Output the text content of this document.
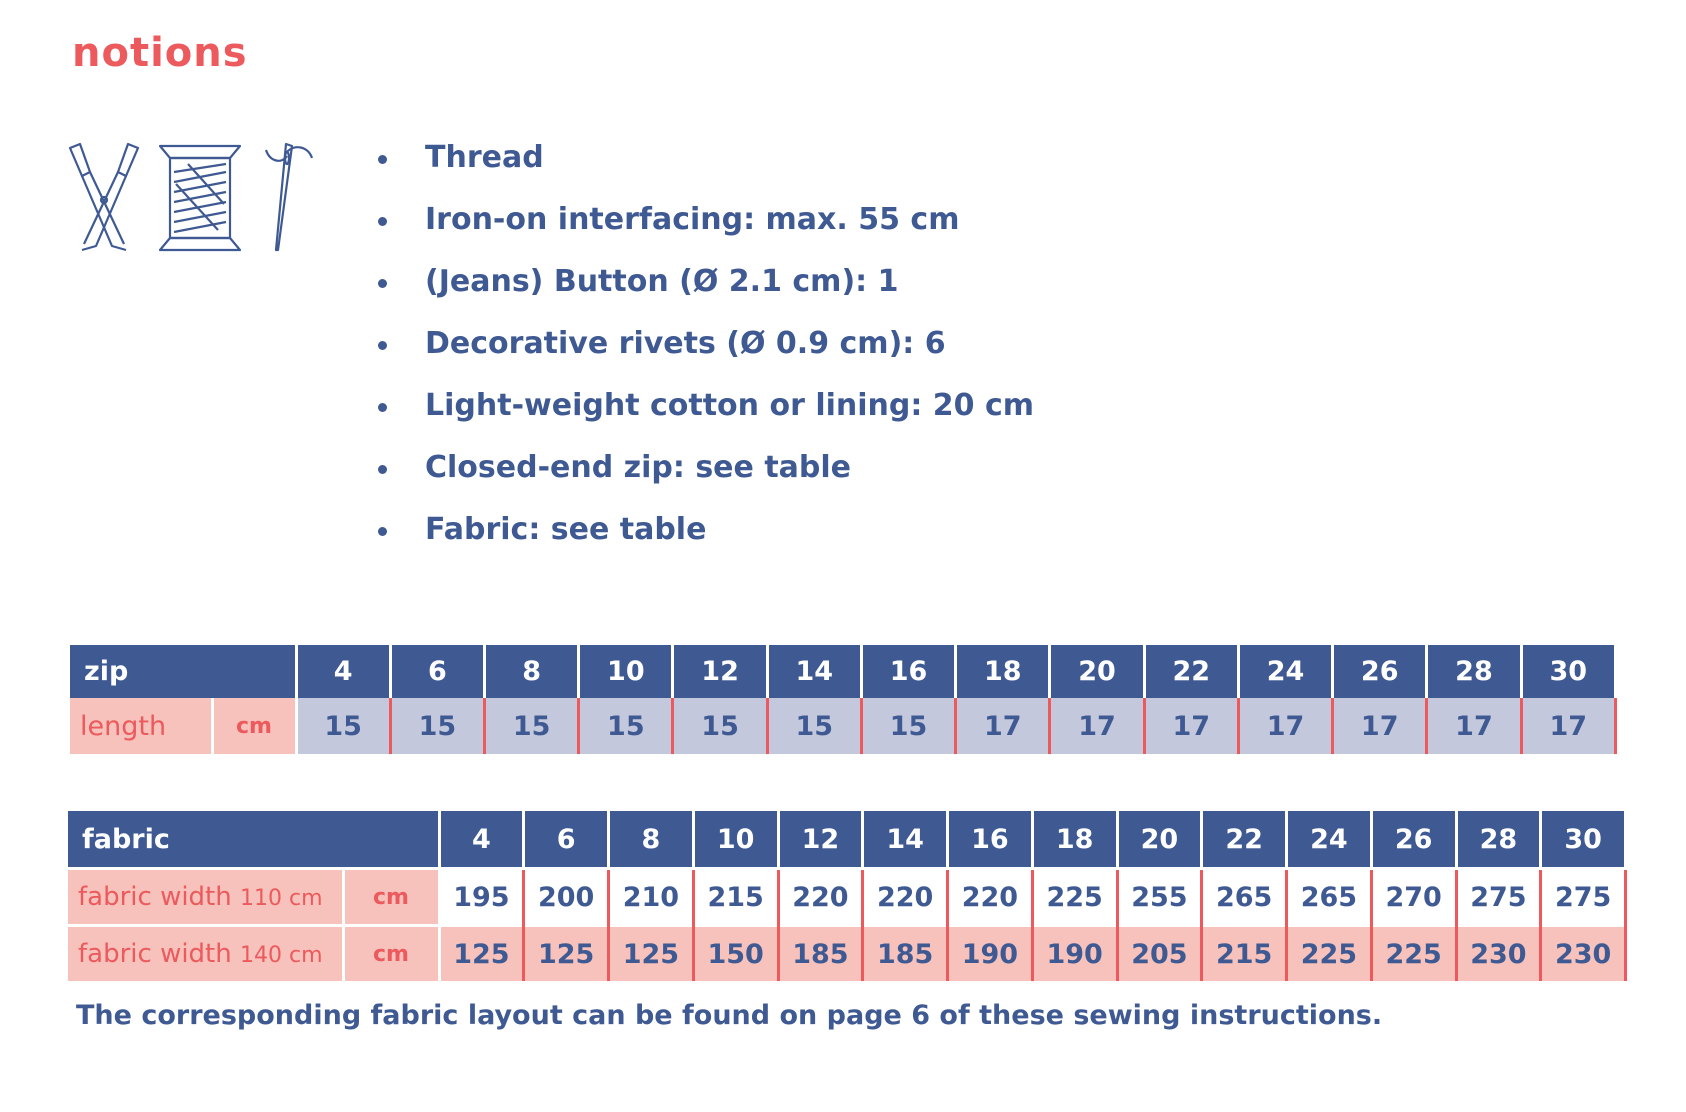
notions
Thread
Iron-on interfacing: max. 55 cm
(Jeans) Button (Ø 2.1 cm): 1
Decorative rivets (Ø 0.9 cm): 6
Light-weight cotton or lining: 20 cm
Closed-end zip: see table
Fabric: see table
zip		4	6	8	10	12	14	16	18	20	22	24	26	28	30
length	cm	15	15	15	15	15	15	15	17	17	17	17	17	17	17
fabric		4	6	8	10	12	14	16	18	20	22	24	26	28	30
fabric width 110 cm	cm	195	200	210	215	220	220	220	225	255	265	265	270	275	275
fabric width 140 cm	cm	125	125	125	150	185	185	190	190	205	215	225	225	230	230
The corresponding fabric layout can be found on page 6 of these sewing instructions.
